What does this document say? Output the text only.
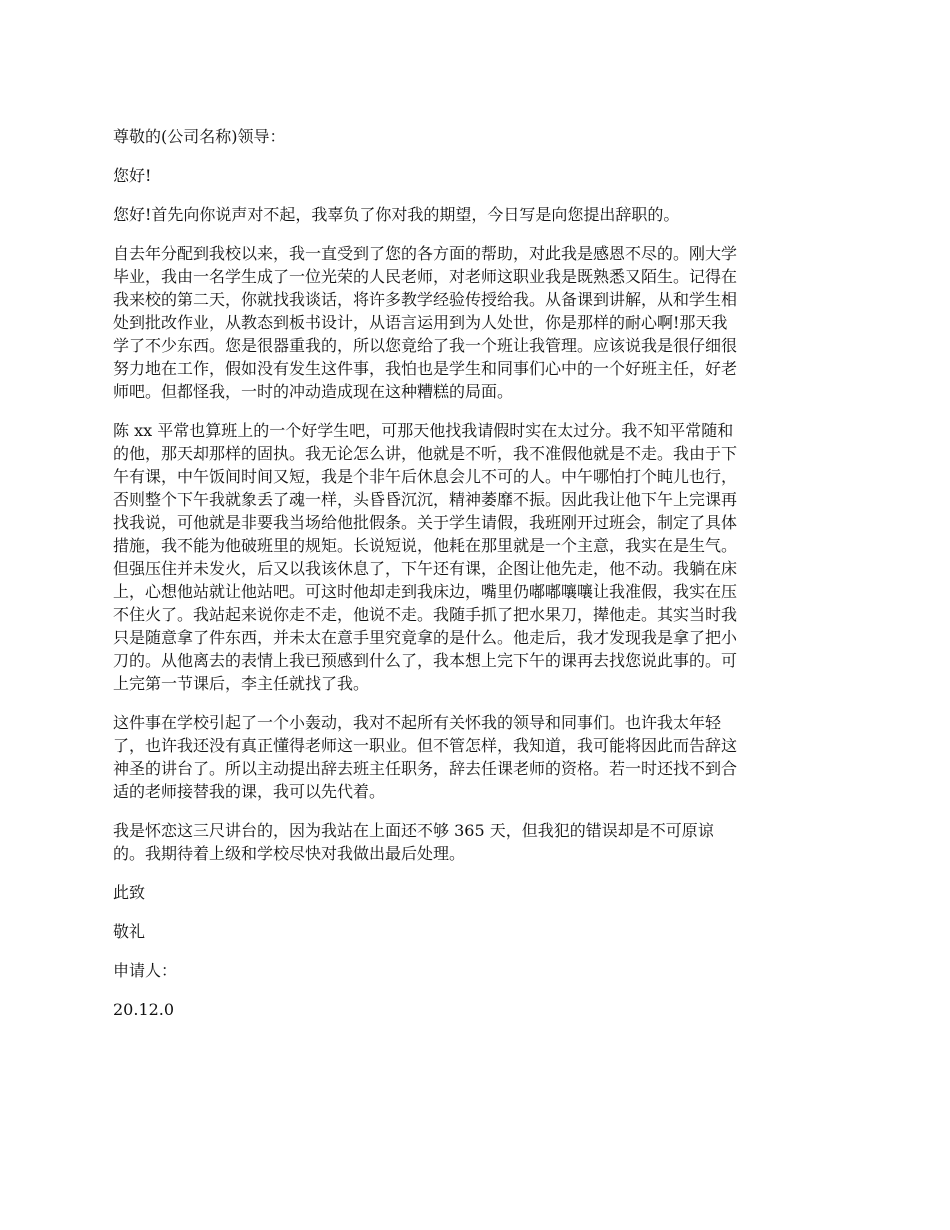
尊敬的(公司名称)领导：

您好!

您好!首先向你说声对不起，我辜负了你对我的期望，今日写是向您提出辞职的。

自去年分配到我校以来，我一直受到了您的各方面的帮助，对此我是感恩不尽的。刚大学
毕业，我由一名学生成了一位光荣的人民老师，对老师这职业我是既熟悉又陌生。记得在
我来校的第二天，你就找我谈话，将许多教学经验传授给我。从备课到讲解，从和学生相
处到批改作业，从教态到板书设计，从语言运用到为人处世，你是那样的耐心啊!那天我
学了不少东西。您是很器重我的，所以您竟给了我一个班让我管理。应该说我是很仔细很
努力地在工作，假如没有发生这件事，我怕也是学生和同事们心中的一个好班主任，好老
师吧。但都怪我，一时的冲动造成现在这种糟糕的局面。

陈 xx 平常也算班上的一个好学生吧，可那天他找我请假时实在太过分。我不知平常随和
的他，那天却那样的固执。我无论怎么讲，他就是不听，我不准假他就是不走。我由于下
午有课，中午饭间时间又短，我是个非午后休息会儿不可的人。中午哪怕打个盹儿也行，
否则整个下午我就象丢了魂一样，头昏昏沉沉，精神萎靡不振。因此我让他下午上完课再
找我说，可他就是非要我当场给他批假条。关于学生请假，我班刚开过班会，制定了具体
措施，我不能为他破班里的规矩。长说短说，他耗在那里就是一个主意，我实在是生气。
但强压住并未发火，后又以我该休息了，下午还有课，企图让他先走，他不动。我躺在床
上，心想他站就让他站吧。可这时他却走到我床边，嘴里仍嘟嘟嚷嚷让我准假，我实在压
不住火了。我站起来说你走不走，他说不走。我随手抓了把水果刀，撵他走。其实当时我
只是随意拿了件东西，并未太在意手里究竟拿的是什么。他走后，我才发现我是拿了把小
刀的。从他离去的表情上我已预感到什么了，我本想上完下午的课再去找您说此事的。可
上完第一节课后，李主任就找了我。

这件事在学校引起了一个小轰动，我对不起所有关怀我的领导和同事们。也许我太年轻
了，也许我还没有真正懂得老师这一职业。但不管怎样，我知道，我可能将因此而告辞这
神圣的讲台了。所以主动提出辞去班主任职务，辞去任课老师的资格。若一时还找不到合
适的老师接替我的课，我可以先代着。

我是怀恋这三尺讲台的，因为我站在上面还不够 365 天，但我犯的错误却是不可原谅
的。我期待着上级和学校尽快对我做出最后处理。

此致

敬礼

申请人：

20.12.0
